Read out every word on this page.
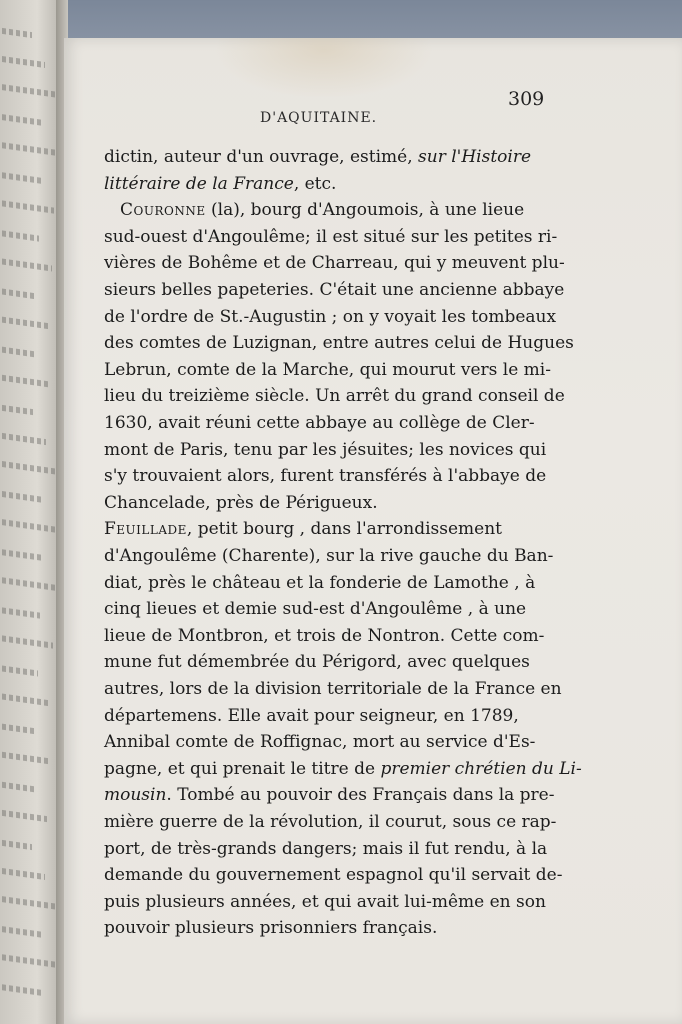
D'AQUITAINE.
309
dictin, auteur d'un ouvrage, estimé, sur l'Histoire
littéraire de la France, etc.
Couronne (la), bourg d'Angoumois, à une lieue
sud-ouest d'Angoulême; il est situé sur les petites ri-
vières de Bohême et de Charreau, qui y meuvent plu-
sieurs belles papeteries. C'était une ancienne abbaye
de l'ordre de St.-Augustin ; on y voyait les tombeaux
des comtes de Luzignan, entre autres celui de Hugues
Lebrun, comte de la Marche, qui mourut vers le mi-
lieu du treizième siècle. Un arrêt du grand conseil de
1630, avait réuni cette abbaye au collège de Cler-
mont de Paris, tenu par les jésuites; les novices qui
s'y trouvaient alors, furent transférés à l'abbaye de
Chancelade, près de Périgueux.
Feuillade, petit bourg , dans l'arrondissement
d'Angoulême (Charente), sur la rive gauche du Ban-
diat, près le château et la fonderie de Lamothe , à
cinq lieues et demie sud-est d'Angoulême , à une
lieue de Montbron, et trois de Nontron. Cette com-
mune fut démembrée du Périgord, avec quelques
autres, lors de la division territoriale de la France en
départemens. Elle avait pour seigneur, en 1789,
Annibal comte de Roffignac, mort au service d'Es-
pagne, et qui prenait le titre de premier chrétien du Li-
mousin. Tombé au pouvoir des Français dans la pre-
mière guerre de la révolution, il courut, sous ce rap-
port, de très-grands dangers; mais il fut rendu, à la
demande du gouvernement espagnol qu'il servait de-
puis plusieurs années, et qui avait lui-même en son
pouvoir plusieurs prisonniers français.
